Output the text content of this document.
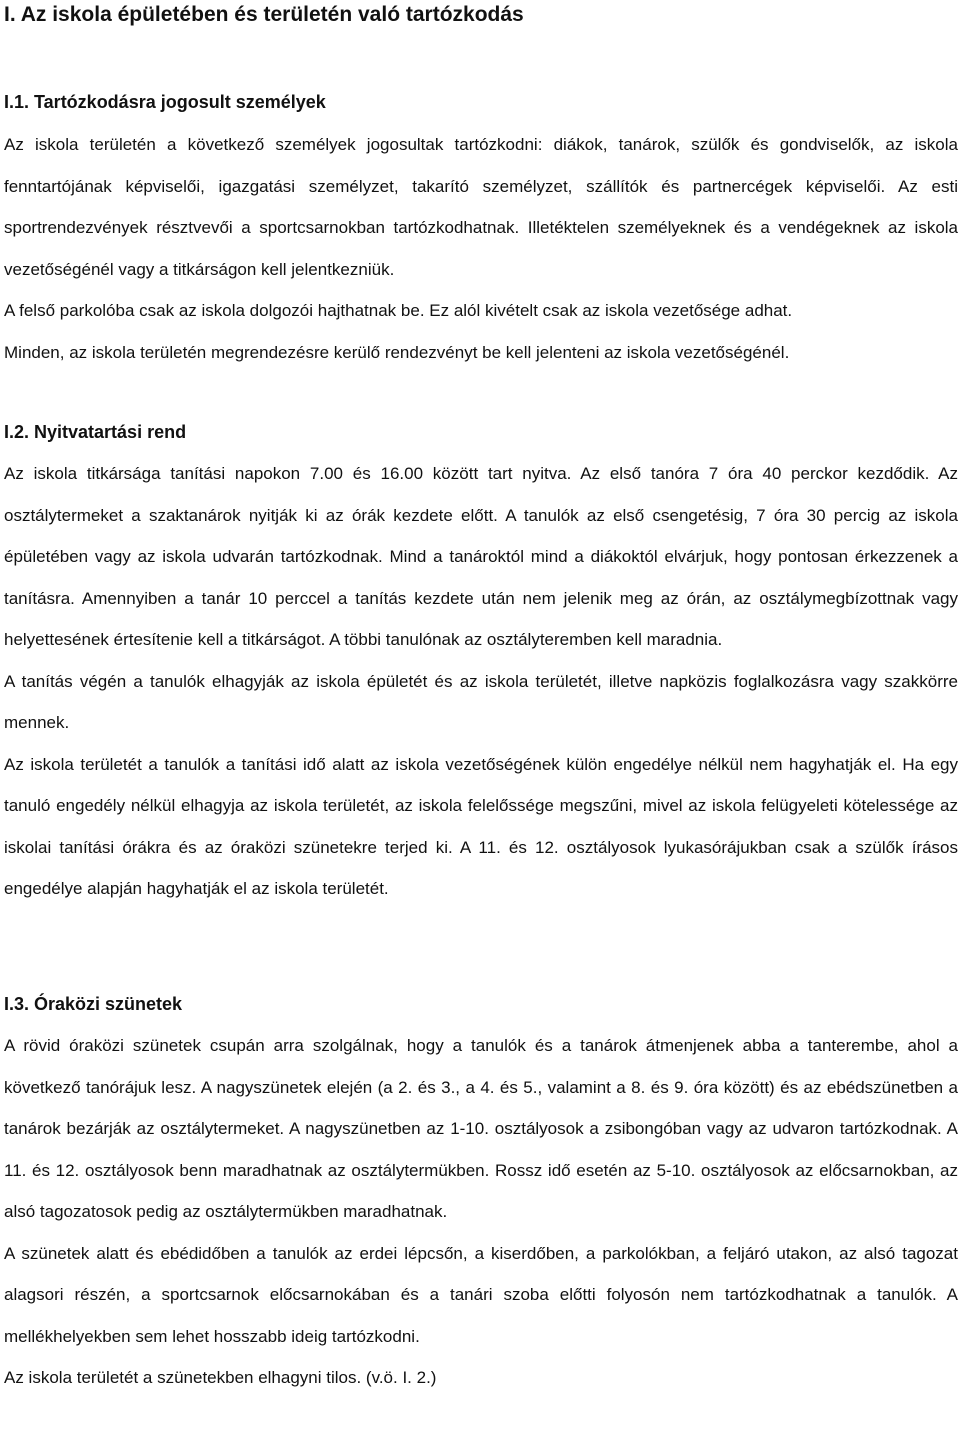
I. Az iskola épületében és területén való tartózkodás
I.1. Tartózkodásra jogosult személyek

Az iskola területén a következő személyek jogosultak tartózkodni: diákok, tanárok, szülők és gondviselők, az iskola fenntartójának képviselői, igazgatási személyzet, takarító személyzet, szállítók és partnercégek képviselői. Az esti sportrendezvények résztvevői a sportcsarnokban tartózkodhatnak. Illetéktelen személyeknek és a vendégeknek az iskola vezetőségénél vagy a titkárságon kell jelentkezniük.

A felső parkolóba csak az iskola dolgozói hajthatnak be. Ez alól kivételt csak az iskola vezetősége adhat.

Minden, az iskola területén megrendezésre kerülő rendezvényt be kell jelenteni az iskola vezetőségénél.

I.2. Nyitvatartási rend

Az iskola titkársága tanítási napokon 7.00 és 16.00 között tart nyitva. Az első tanóra 7 óra 40 perckor kezdődik. Az osztálytermeket a szaktanárok nyitják ki az órák kezdete előtt. A tanulók az első csengetésig, 7 óra 30 percig az iskola épületében vagy az iskola udvarán tartózkodnak. Mind a tanároktól mind a diákoktól elvárjuk, hogy pontosan érkezzenek a tanításra. Amennyiben a tanár 10 perccel a tanítás kezdete után nem jelenik meg az órán, az osztálymegbízottnak vagy helyettesének értesítenie kell a titkárságot. A többi tanulónak az osztályteremben kell maradnia.

A tanítás végén a tanulók elhagyják az iskola épületét és az iskola területét, illetve napközis foglalkozásra vagy szakkörre mennek.

Az iskola területét a tanulók a tanítási idő alatt az iskola vezetőségének külön engedélye nélkül nem hagyhatják el. Ha egy tanuló engedély nélkül elhagyja az iskola területét, az iskola felelőssége megszűni, mivel az iskola felügyeleti kötelessége az iskolai tanítási órákra és az óraközi szünetekre terjed ki. A 11. és 12. osztályosok lyukasórájukban csak a szülők írásos engedélye alapján hagyhatják el az iskola területét.

I.3. Óraközi szünetek

A rövid óraközi szünetek csupán arra szolgálnak, hogy a tanulók és a tanárok átmenjenek abba a tanterembe, ahol a következő tanórájuk lesz. A nagyszünetek elején (a 2. és 3., a 4. és 5., valamint a 8. és 9. óra között) és az ebédszünetben a tanárok bezárják az osztálytermeket. A nagyszünetben az 1-10. osztályosok a zsibongóban vagy az udvaron tartózkodnak. A 11. és 12. osztályosok benn maradhatnak az osztálytermükben. Rossz idő esetén az 5-10. osztályosok az előcsarnokban, az alsó tagozatosok pedig az osztálytermükben maradhatnak.

A szünetek alatt és ebédidőben a tanulók az erdei lépcsőn, a kiserdőben, a parkolókban, a feljáró utakon, az alsó tagozat alagsori részén, a sportcsarnok előcsarnokában és a tanári szoba előtti folyosón nem tartózkodhatnak a tanulók. A mellékhelyekben sem lehet hosszabb ideig tartózkodni.

Az iskola területét a szünetekben elhagyni tilos. (v.ö. I. 2.)
